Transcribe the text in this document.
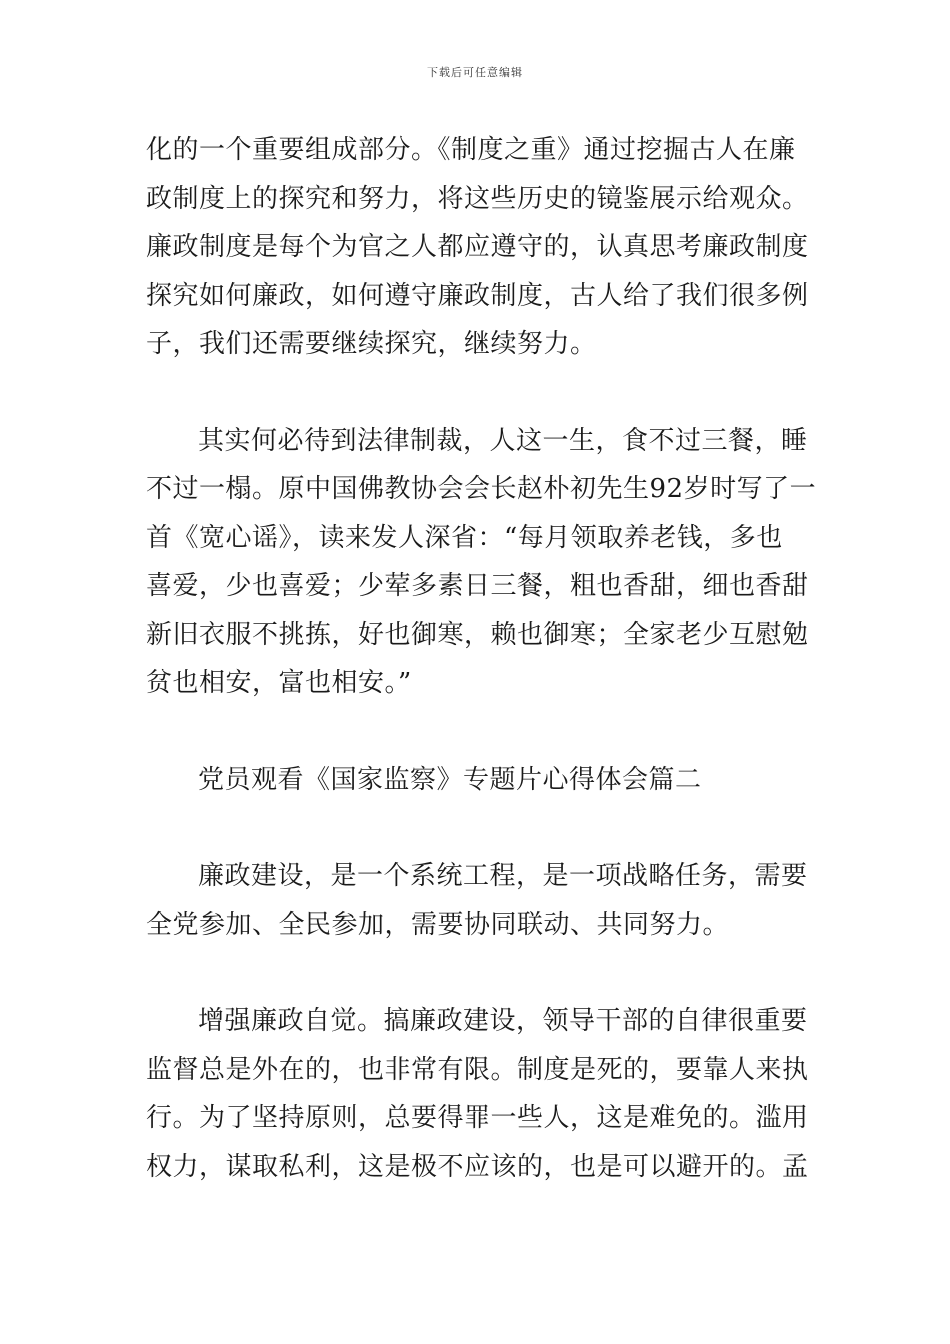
下载后可任意编辑
化的一个重要组成部分。《制度之重》通过挖掘古人在廉
政制度上的探究和努力，将这些历史的镜鉴展示给观众。
廉政制度是每个为官之人都应遵守的，认真思考廉政制度
探究如何廉政，如何遵守廉政制度，古人给了我们很多例
子，我们还需要继续探究，继续努力。
其实何必待到法律制裁，人这一生，食不过三餐，睡
不过一榻。原中国佛教协会会长赵朴初先生92岁时写了一
首《宽心谣》，读来发人深省：“每月领取养老钱，多也
喜爱，少也喜爱；少荤多素日三餐，粗也香甜，细也香甜
新旧衣服不挑拣，好也御寒，赖也御寒；全家老少互慰勉
贫也相安，富也相安。”
党员观看《国家监察》专题片心得体会篇二
廉政建设，是一个系统工程，是一项战略任务，需要
全党参加、全民参加，需要协同联动、共同努力。
增强廉政自觉。搞廉政建设，领导干部的自律很重要
监督总是外在的，也非常有限。制度是死的，要靠人来执
行。为了坚持原则，总要得罪一些人，这是难免的。滥用
权力，谋取私利，这是极不应该的，也是可以避开的。孟
